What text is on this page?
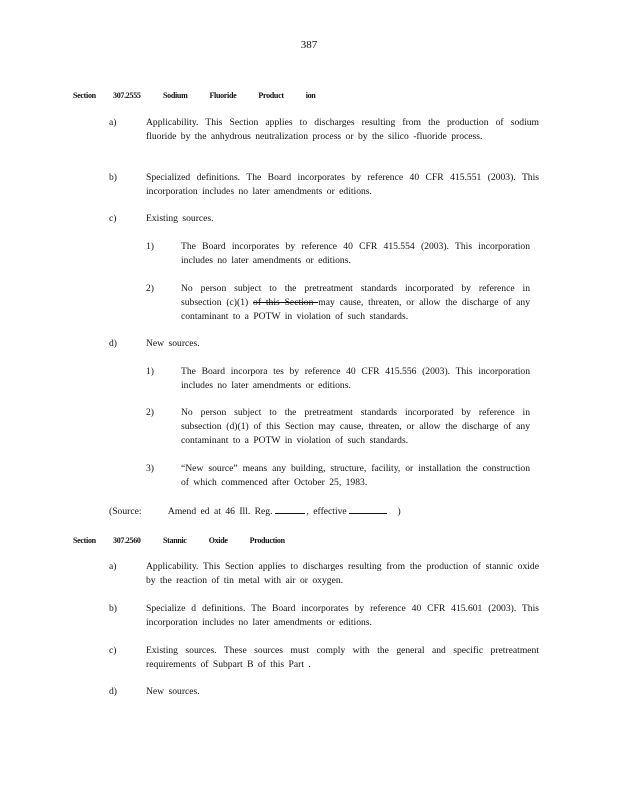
387
Section 307.2555	Sodium	Fluoride	Product	ion
a)	Applicability. This Section applies to discharges resulting from the production of sodium fluoride by the anhydrous neutralization process or by the silico -fluoride process.
b)	Specialized definitions. The Board incorporates by reference 40 CFR 415.551 (2003). This incorporation includes no later amendments or editions.
c)	Existing sources.
1)	The Board incorporates by reference 40 CFR 415.554 (2003). This incorporation includes no later amendments or editions.
2)	No person subject to the pretreatment standards incorporated by reference in subsection (c)(1) of this Section may cause, threaten, or allow the discharge of any contaminant to a POTW in violation of such standards.
d)	New sources.
1)	The Board incorpora tes by reference 40 CFR 415.556 (2003). This incorporation includes no later amendments or editions.
2)	No person subject to the pretreatment standards incorporated by reference in subsection (d)(1) of this Section may cause, threaten, or allow the discharge of any contaminant to a POTW in violation of such standards.
3)	“New source” means any building, structure, facility, or installation the construction of which commenced after October 25, 1983.
(Source:	Amend ed at 46 Ill. Reg.	, effective	)
Section 307.2560	Stannic	Oxide	Production
a)	Applicability. This Section applies to discharges resulting from the production of stannic oxide by the reaction of tin metal with air or oxygen.
b)	Specialize d definitions. The Board incorporates by reference 40 CFR 415.601 (2003). This incorporation includes no later amendments or editions.
c)	Existing sources. These sources must comply with the general and specific pretreatment requirements of Subpart B of this Part .
d)	New sources.
